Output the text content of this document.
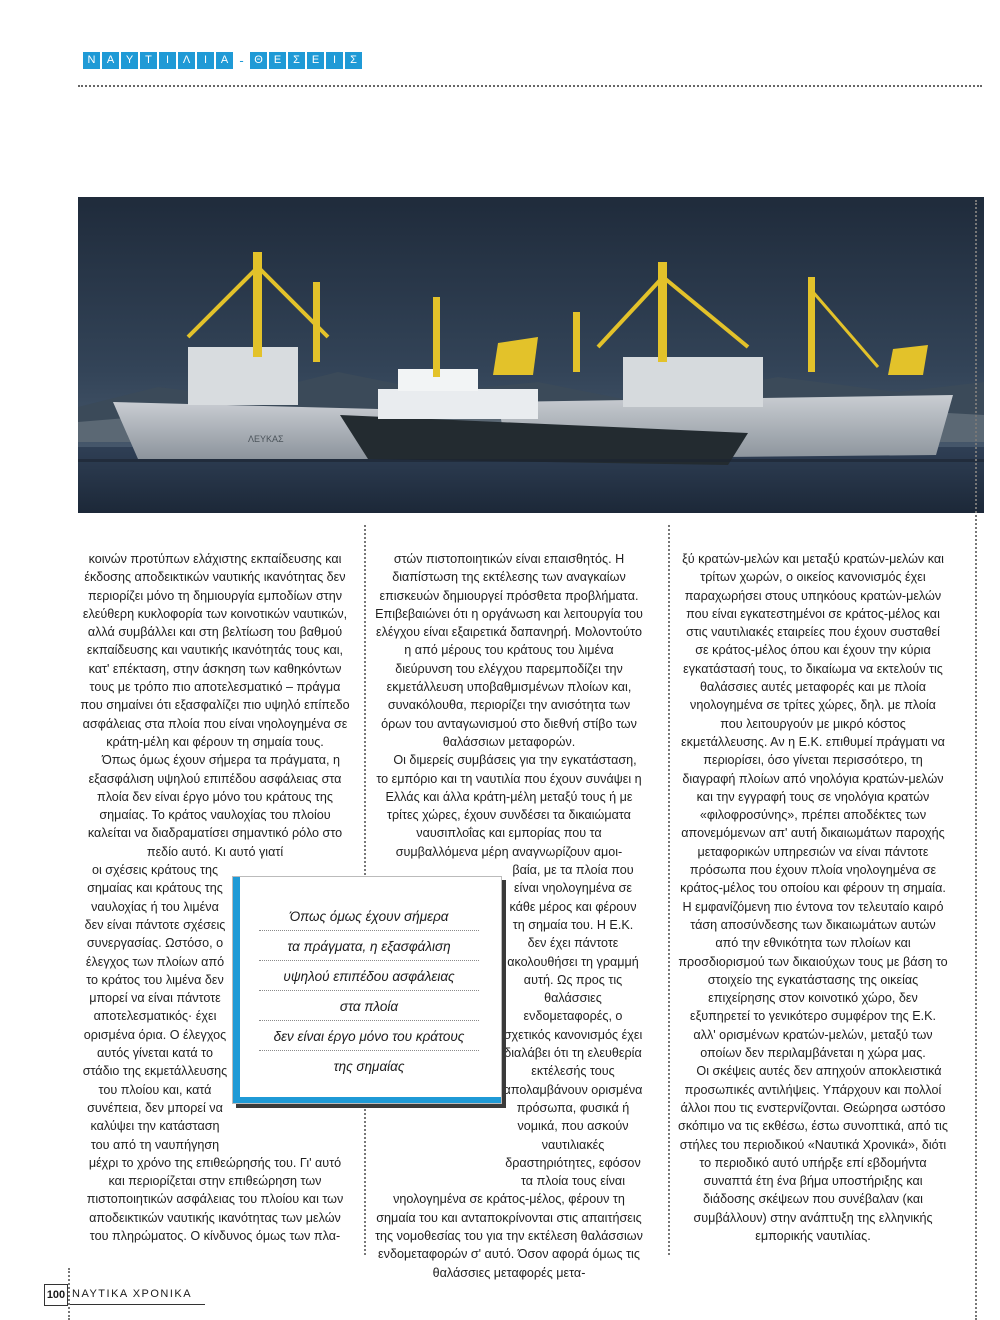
Ν	Α	Υ	Τ	Ι	Λ	Ι	Α - Θ	Ε	Σ	Ε	Ι	Σ
ΛΕΥΚΑΣ

κοινών προτύπων ελάχιστης εκπαίδευσης και έκδοσης αποδεικτικών ναυτικής ικανότητας δεν περιορίζει μόνο τη δημιουργία εμποδίων στην ελεύθερη κυκλοφορία των κοινοτικών ναυτικών, αλλά συμβάλλει και στη βελτίωση του βαθμού εκπαίδευσης και ναυτικής ικανότητάς τους και, κατ' επέκταση, στην άσκηση των καθηκόντων τους με τρόπο πιο αποτελεσματικό – πράγμα που σημαίνει ότι εξασφαλίζει πιο υψηλό επίπεδο ασφάλειας στα πλοία που είναι νηολογημένα σε κράτη-μέλη και φέρουν τη σημαία τους.

Όπως όμως έχουν σήμερα τα πράγματα, η εξασφάλιση υψηλού επιπέδου ασφάλειας στα πλοία δεν είναι έργο μόνο του κράτους της σημαίας. Το κράτος ναυλοχίας του πλοίου καλείται να διαδραματίσει σημαντικό ρόλο στο πεδίο αυτό. Κι αυτό γιατί

οι σχέσεις κράτους της σημαίας και κράτους της ναυλοχίας ή του λιμένα δεν είναι πάντοτε σχέσεις συνεργασίας. Ωστόσο, ο έλεγχος των πλοίων από το κράτος του λιμένα δεν μπορεί να είναι πάντοτε αποτελεσματικός· έχει ορισμένα όρια. Ο έλεγχος αυτός γίνεται κατά το στάδιο της εκμετάλλευσης του πλοίου και, κατά συνέπεια, δεν μπορεί να καλύψει την κατάσταση του από τη ναυπήγηση

μέχρι το χρόνο της επιθεώρησής του. Γι' αυτό και περιορίζεται στην επιθεώρηση των πιστοποιητικών ασφάλειας του πλοίου και των αποδεικτικών ναυτικής ικανότητας των μελών του πληρώματος. Ο κίνδυνος όμως των πλα-

στών πιστοποιητικών είναι επαισθητός. Η διαπίστωση της εκτέλεσης των αναγκαίων επισκευών δημιουργεί πρόσθετα προβλήματα. Επιβεβαιώνει ότι η οργάνωση και λειτουργία του ελέγχου είναι εξαιρετικά δαπανηρή. Μολοντούτο η από μέρους του κράτους του λιμένα διεύρυνση του ελέγχου παρεμποδίζει την εκμετάλλευση υποβαθμισμένων πλοίων και, συνακόλουθα, περιορίζει την ανισότητα των όρων του ανταγωνισμού στο διεθνή στίβο των θαλάσσιων μεταφορών.

Οι διμερείς συμβάσεις για την εγκατάσταση, το εμπόριο και τη ναυτιλία που έχουν συνάψει η Ελλάς και άλλα κράτη-μέλη μεταξύ τους ή με τρίτες χώρες, έχουν συνδέσει τα δικαιώματα ναυσιπλοΐας και εμπορίας που τα συμβαλλόμενα μέρη αναγνωρίζουν αμοι-

βαία, με τα πλοία που είναι νηολογημένα σε κάθε μέρος και φέρουν τη σημαία του. Η Ε.Κ. δεν έχει πάντοτε ακολουθήσει τη γραμμή αυτή. Ως προς τις θαλάσσιες ενδομεταφορές, ο σχετικός κανονισμός έχει διαλάβει ότι τη ελευθερία εκτέλεσής τους απολαμβάνουν ορισμένα πρόσωπα, φυσικά ή νομικά, που ασκούν ναυτιλιακές δραστηριότητες, εφόσον τα πλοία τους είναι

νηολογημένα σε κράτος-μέλος, φέρουν τη σημαία του και ανταποκρίνονται στις απαιτήσεις της νομοθεσίας του για την εκτέλεση θαλάσσιων ενδομεταφορών σ' αυτό. Όσον αφορά όμως τις θαλάσσιες μεταφορές μετα-

ξύ κρατών-μελών και μεταξύ κρατών-μελών και τρίτων χωρών, ο οικείος κανονισμός έχει παραχωρήσει στους υπηκόους κρατών-μελών που είναι εγκατεστημένοι σε κράτος-μέλος και στις ναυτιλιακές εταιρείες που έχουν συσταθεί σε κράτος-μέλος όπου και έχουν την κύρια εγκατάστασή τους, το δικαίωμα να εκτελούν τις θαλάσσιες αυτές μεταφορές και με πλοία νηολογημένα σε τρίτες χώρες, δηλ. με πλοία που λειτουργούν με μικρό κόστος εκμετάλλευσης. Αν η Ε.Κ. επιθυμεί πράγματι να περιορίσει, όσο γίνεται περισσότερο, τη διαγραφή πλοίων από νηολόγια κρατών-μελών και την εγγραφή τους σε νηολόγια κρατών «φιλοφροσύνης», πρέπει αποδέκτες των απονεμόμενων απ' αυτή δικαιωμάτων παροχής μεταφορικών υπηρεσιών να είναι πάντοτε πρόσωπα που έχουν πλοία νηολογημένα σε κράτος-μέλος του οποίου και φέρουν τη σημαία. Η εμφανίζόμενη πιο έντονα τον τελευταίο καιρό τάση αποσύνδεσης των δικαιωμάτων αυτών από την εθνικότητα των πλοίων και προσδιορισμού των δικαιούχων τους με βάση το στοιχείο της εγκατάστασης της οικείας επιχείρησης στον κοινοτικό χώρο, δεν εξυπηρετεί το γενικότερο συμφέρον της Ε.Κ. αλλ' ορισμένων κρατών-μελών, μεταξύ των οποίων δεν περιλαμβάνεται η χώρα μας.

Οι σκέψεις αυτές δεν απηχούν αποκλειστικά προσωπικές αντιλήψεις. Υπάρχουν και πολλοί άλλοι που τις ενστερνίζονται. Θεώρησα ωστόσο σκόπιμο να τις εκθέσω, έστω συνοπτικά, από τις στήλες του περιοδικού «Ναυτικά Χρονικά», διότι το περιοδικό αυτό υπήρξε επί εβδομήντα συναπτά έτη ένα βήμα υποστήριξης και διάδοσης σκέψεων που συνέβαλαν (και συμβάλλουν) στην ανάπτυξη της ελληνικής εμπορικής ναυτιλίας.

Όπως όμως έχουν σήμερα
τα πράγματα, η εξασφάλιση
υψηλού επιπέδου ασφάλειας
στα πλοία
δεν είναι έργο μόνο του κράτους
της σημαίας
100 ΝΑΥΤΙΚΑ ΧΡΟΝΙΚΑ
